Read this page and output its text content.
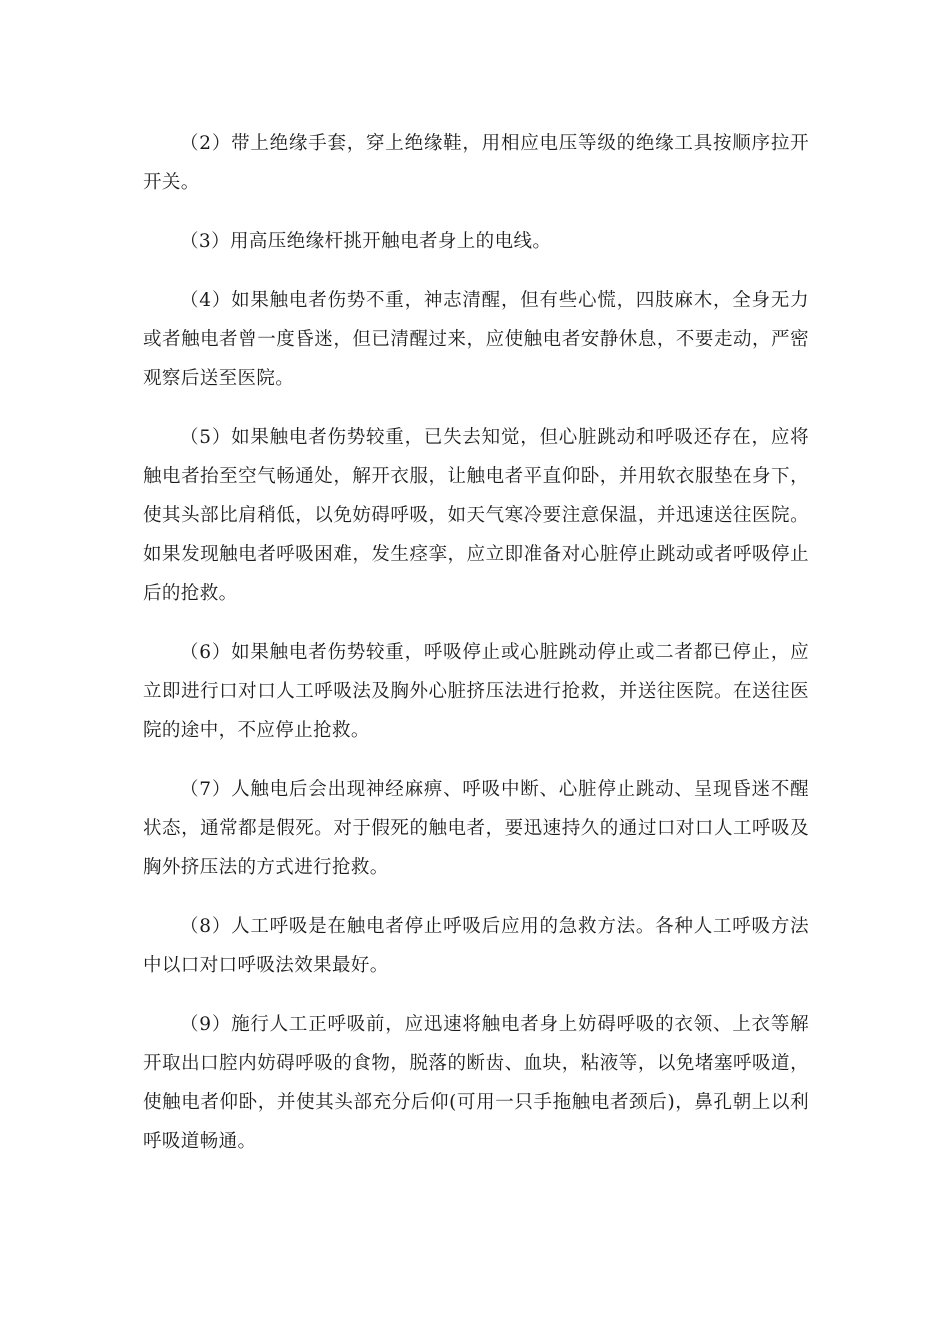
（2）带上绝缘手套，穿上绝缘鞋，用相应电压等级的绝缘工具按顺序拉开开关。

（3）用高压绝缘杆挑开触电者身上的电线。

（4）如果触电者伤势不重，神志清醒，但有些心慌，四肢麻木，全身无力或者触电者曾一度昏迷，但已清醒过来，应使触电者安静休息，不要走动，严密观察后送至医院。

（5）如果触电者伤势较重，已失去知觉，但心脏跳动和呼吸还存在，应将触电者抬至空气畅通处，解开衣服，让触电者平直仰卧，并用软衣服垫在身下，使其头部比肩稍低，以免妨碍呼吸，如天气寒冷要注意保温，并迅速送往医院。如果发现触电者呼吸困难，发生痉挛，应立即准备对心脏停止跳动或者呼吸停止后的抢救。

（6）如果触电者伤势较重，呼吸停止或心脏跳动停止或二者都已停止，应立即进行口对口人工呼吸法及胸外心脏挤压法进行抢救，并送往医院。在送往医院的途中，不应停止抢救。

（7）人触电后会出现神经麻痹、呼吸中断、心脏停止跳动、呈现昏迷不醒状态，通常都是假死。对于假死的触电者，要迅速持久的通过口对口人工呼吸及胸外挤压法的方式进行抢救。

（8）人工呼吸是在触电者停止呼吸后应用的急救方法。各种人工呼吸方法中以口对口呼吸法效果最好。

（9）施行人工正呼吸前，应迅速将触电者身上妨碍呼吸的衣领、上衣等解开取出口腔内妨碍呼吸的食物，脱落的断齿、血块，粘液等，以免堵塞呼吸道，使触电者仰卧，并使其头部充分后仰(可用一只手拖触电者颈后)，鼻孔朝上以利呼吸道畅通。
